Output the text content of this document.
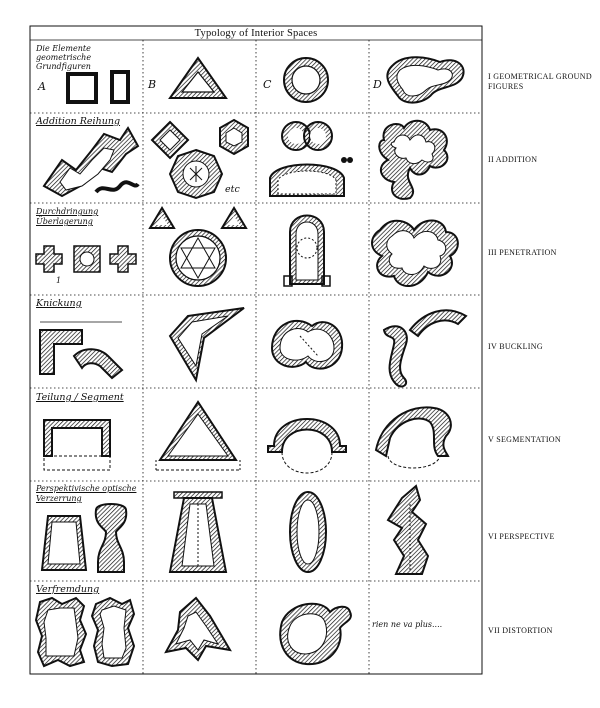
Typology of Interior Spaces
A	B	C	D
Die Elemente geometrische Grundfiguren
Addition Reihung
Durchdringung Überlagerung
Knickung
Teilung / Segment
Perspektivische optische Verzerrung
Verfremdung
etc
1
rien ne va plus....
I GEOMETRICAL GROUND FIGURES
II ADDITION
III PENETRATION
IV BUCKLING
V SEGMENTATION
VI PERSPECTIVE
VII DISTORTION
